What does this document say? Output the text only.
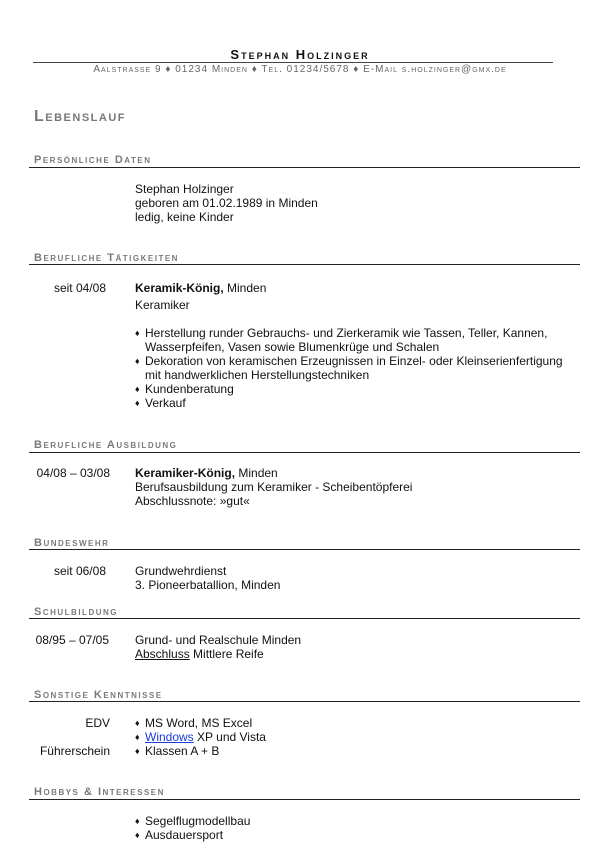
Stephan Holzinger
Aalstrasse 9 ♦ 01234 Minden ♦ Tel. 01234/5678 ♦ E-Mail s.holzinger@gmx.de
Lebenslauf
Persönliche Daten
Stephan Holzinger
geboren am 01.02.1989 in Minden
ledig, keine Kinder
Berufliche Tätigkeiten
seit 04/08 Keramik-König, Minden
Keramiker
♦ Herstellung runder Gebrauchs- und Zierkeramik wie Tassen, Teller, Kannen, Wasserpfeifen, Vasen sowie Blumenkrüge und Schalen
♦ Dekoration von keramischen Erzeugnissen in Einzel- oder Kleinserienfertigung mit handwerklichen Herstellungstechniken
♦ Kundenberatung
♦ Verkauf
Berufliche Ausbildung
04/08 – 03/08 Keramiker-König, Minden
Berufsausbildung zum Keramiker - Scheibentöpferei
Abschlussnote: »gut«
Bundeswehr
seit 06/08 Grundwehrdienst
3. Pioneerbatallion, Minden
Schulbildung
08/95 – 07/05 Grund- und Realschule Minden
Abschluss Mittlere Reife
Sonstige Kenntnisse
EDV
Führerschein
♦ MS Word, MS Excel
♦ Windows XP und Vista
♦ Klassen A + B
Hobbys & Interessen
♦ Segelflugmodellbau
♦ Ausdauersport
